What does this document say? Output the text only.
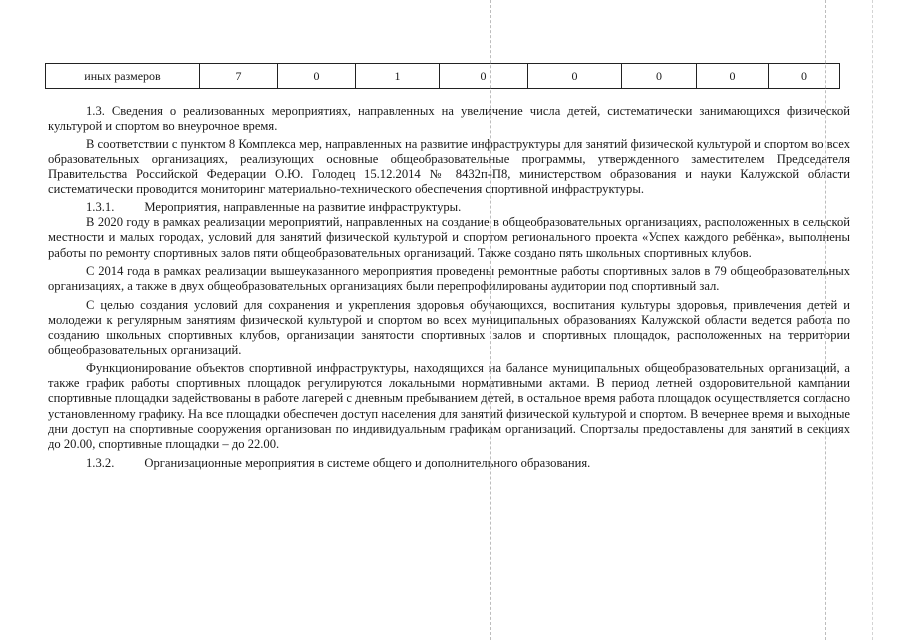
иных размеров	7	0	1	0	0	0	0	0

1.3. Сведения о реализованных мероприятиях, направленных на увеличение числа детей, систематически занимающихся физической культурой и спортом во внеурочное время.

В соответствии с пунктом 8 Комплекса мер, направленных на развитие инфраструктуры для занятий физической культурой и спортом во всех образовательных организациях, реализующих основные общеобразовательные программы, утвержденного заместителем Председателя Правительства Российской Федерации О.Ю. Голодец 15.12.2014 № 8432п-П8, министерством образования и науки Калужской области систематически проводится мониторинг материально-технического обеспечения спортивной инфраструктуры.

1.3.1. Мероприятия, направленные на развитие инфраструктуры.

В 2020 году в рамках реализации мероприятий, направленных на создание в общеобразовательных организациях, расположенных в сельской местности и малых городах, условий для занятий физической культурой и спортом регионального проекта «Успех каждого ребёнка», выполнены работы по ремонту спортивных залов пяти общеобразовательных организаций. Также создано пять школьных спортивных клубов.

С 2014 года в рамках реализации вышеуказанного мероприятия проведены ремонтные работы спортивных залов в 79 общеобразовательных организациях, а также в двух общеобразовательных организациях были перепрофилированы аудитории под спортивный зал.

С целью создания условий для сохранения и укрепления здоровья обучающихся, воспитания культуры здоровья, привлечения детей и молодежи к регулярным занятиям физической культурой и спортом во всех муниципальных образованиях Калужской области ведется работа по созданию школьных спортивных клубов, организации занятости спортивных залов и спортивных площадок, расположенных на территории общеобразовательных организаций.

Функционирование объектов спортивной инфраструктуры, находящихся на балансе муниципальных общеобразовательных организаций, а также график работы спортивных площадок регулируются локальными нормативными актами. В период летней оздоровительной кампании спортивные площадки задействованы в работе лагерей с дневным пребыванием детей, в остальное время работа площадок осуществляется согласно установленному графику. На все площадки обеспечен доступ населения для занятий физической культурой и спортом. В вечернее время и выходные дни доступ на спортивные сооружения организован по индивидуальным графикам организаций. Спортзалы предоставлены для занятий в секциях до 20.00, спортивные площадки – до 22.00.

1.3.2. Организационные мероприятия в системе общего и дополнительного образования.
